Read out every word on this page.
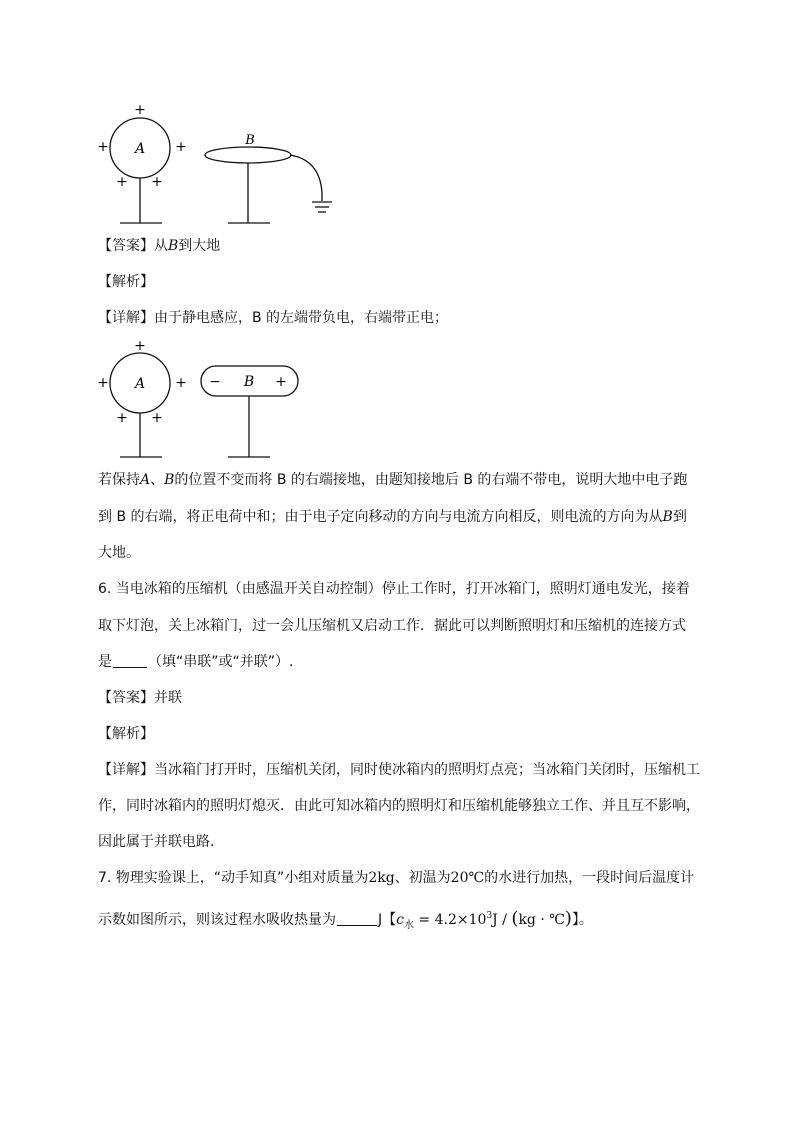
+
+	+
+ +
A
B
【答案】从B到大地
【解析】
【详解】由于静电感应，B 的左端带负电，右端带正电；
+
+	+
+ +
A	− B +
若保持A、B的位置不变而将 B 的右端接地，由题知接地后 B 的右端不带电，说明大地中电子跑
到 B 的右端，将正电荷中和；由于电子定向移动的方向与电流方向相反，则电流的方向为从B到
大地。
6. 当电冰箱的压缩机（由感温开关自动控制）停止工作时，打开冰箱门，照明灯通电发光，接着
取下灯泡，关上冰箱门，过一会儿压缩机又启动工作．据此可以判断照明灯和压缩机的连接方式
是	（填“串联”或“并联”）.
【答案】并联
【解析】
【详解】当冰箱门打开时，压缩机关闭，同时使冰箱内的照明灯点亮；当冰箱门关闭时，压缩机工
作，同时冰箱内的照明灯熄灭．由此可知冰箱内的照明灯和压缩机能够独立工作、并且互不影响，
因此属于并联电路．
7. 物理实验课上，“动手知真”小组对质量为2kg、初温为20℃的水进行加热，一段时间后温度计
示数如图所示，则该过程水吸收热量为	J【$c_水 = 4.2\times 10^3J / (kg$ · ℃)】。
